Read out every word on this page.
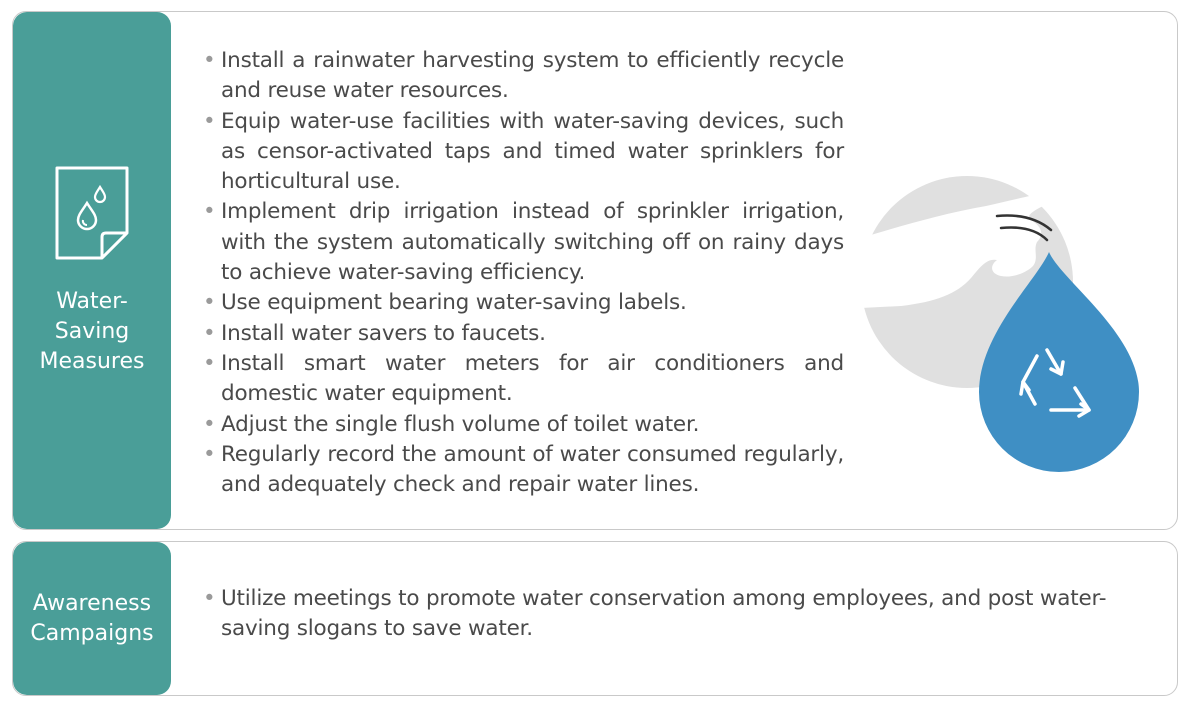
Water-
Saving
Measures
• Install a rainwater harvesting system to efficiently recycle and reuse water resources.
• Equip water-use facilities with water-saving devices, such as censor-activated taps and timed water sprinklers for horticultural use.
• Implement drip irrigation instead of sprinkler irrigation, with the system automatically switching off on rainy days to achieve water-saving efficiency.
• Use equipment bearing water-saving labels.
• Install water savers to faucets.
• Install smart water meters for air conditioners and domestic water equipment.
• Adjust the single flush volume of toilet water.
• Regularly record the amount of water consumed regularly, and adequately check and repair water lines.
Awareness
Campaigns
• Utilize meetings to promote water conservation among employees, and post water-saving slogans to save water.
